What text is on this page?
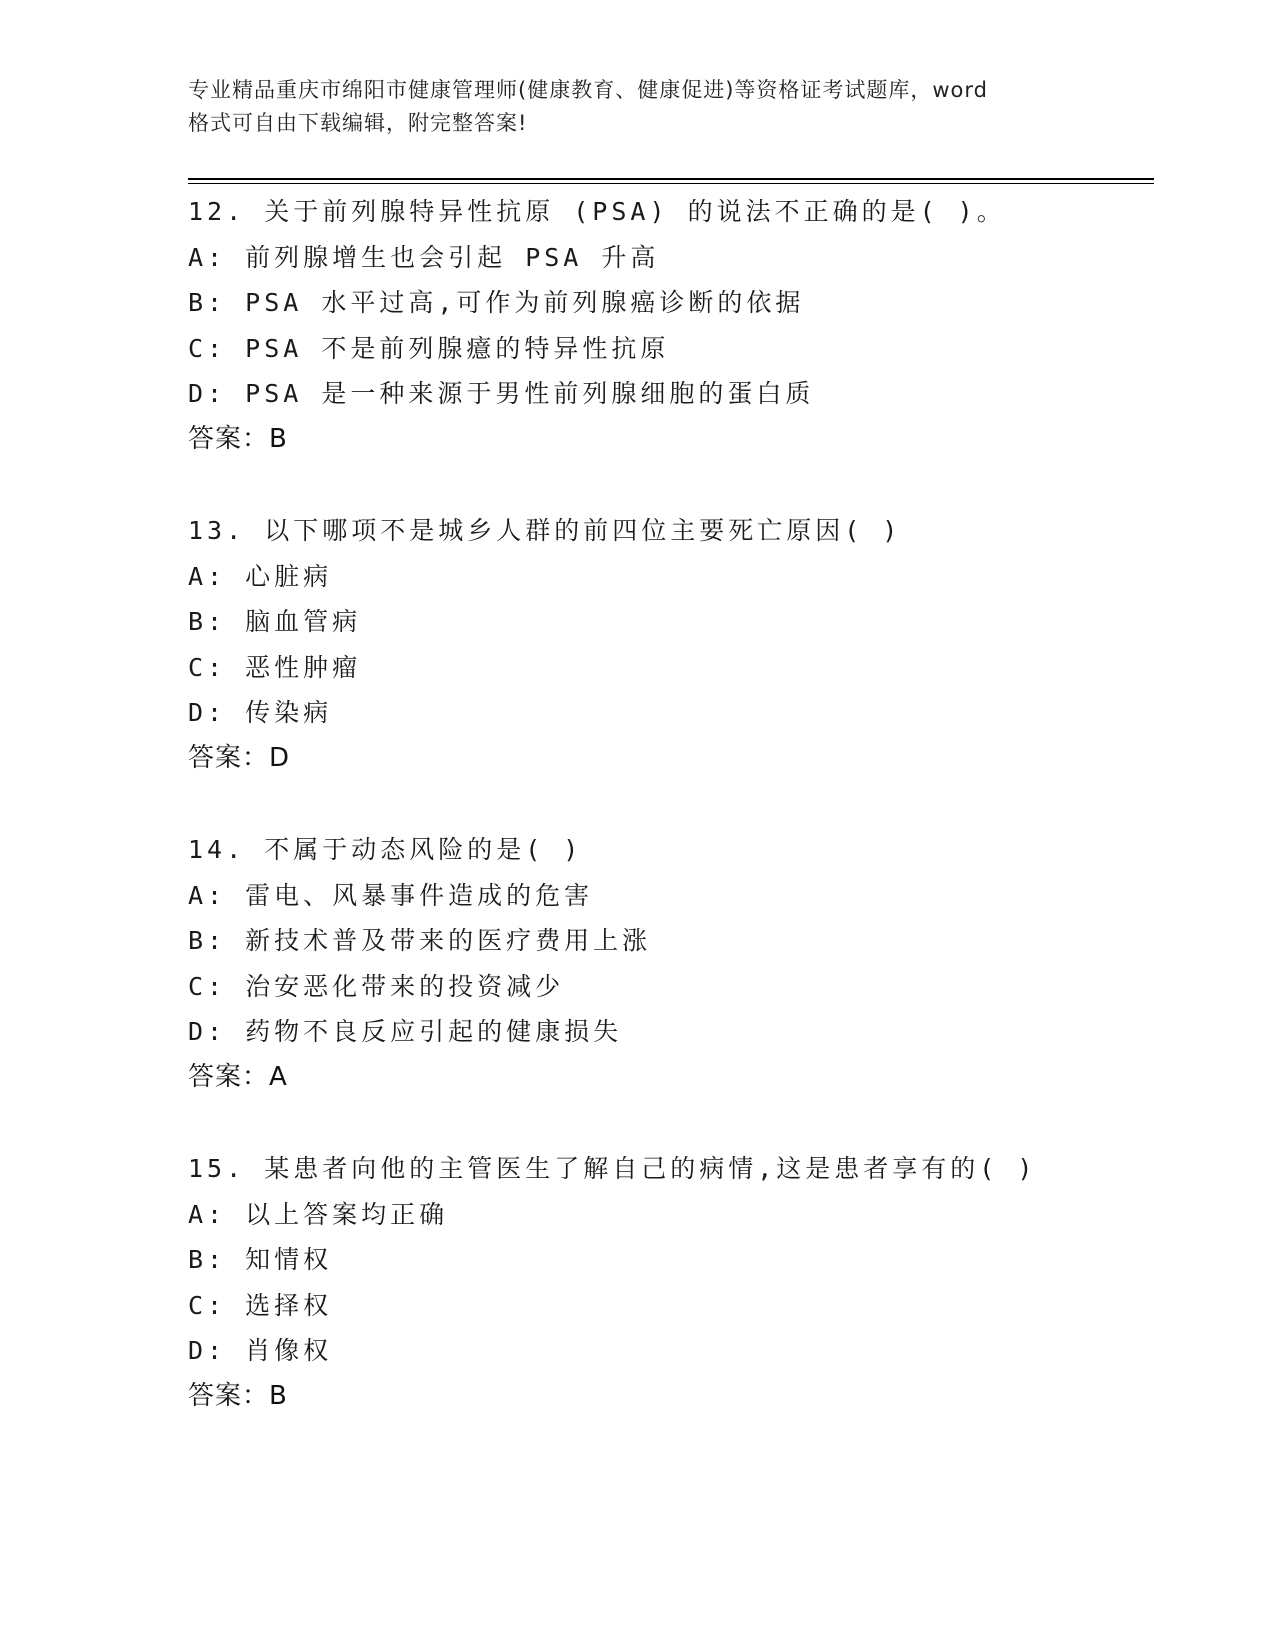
专业精品重庆市绵阳市健康管理师(健康教育、健康促进)等资格证考试题库，word
格式可自由下载编辑，附完整答案!
12. 关于前列腺特异性抗原 (PSA) 的说法不正确的是( )。
A: 前列腺增生也会引起 PSA 升高
B: PSA 水平过高,可作为前列腺癌诊断的依据
C: PSA 不是前列腺癔的特异性抗原
D: PSA 是一种来源于男性前列腺细胞的蛋白质
答案：B
13. 以下哪项不是城乡人群的前四位主要死亡原因( )
A: 心脏病
B: 脑血管病
C: 恶性肿瘤
D: 传染病
答案：D
14. 不属于动态风险的是( )
A: 雷电、风暴事件造成的危害
B: 新技术普及带来的医疗费用上涨
C: 治安恶化带来的投资减少
D: 药物不良反应引起的健康损失
答案：A
15. 某患者向他的主管医生了解自己的病情,这是患者享有的( )
A: 以上答案均正确
B: 知情权
C: 选择权
D: 肖像权
答案：B
